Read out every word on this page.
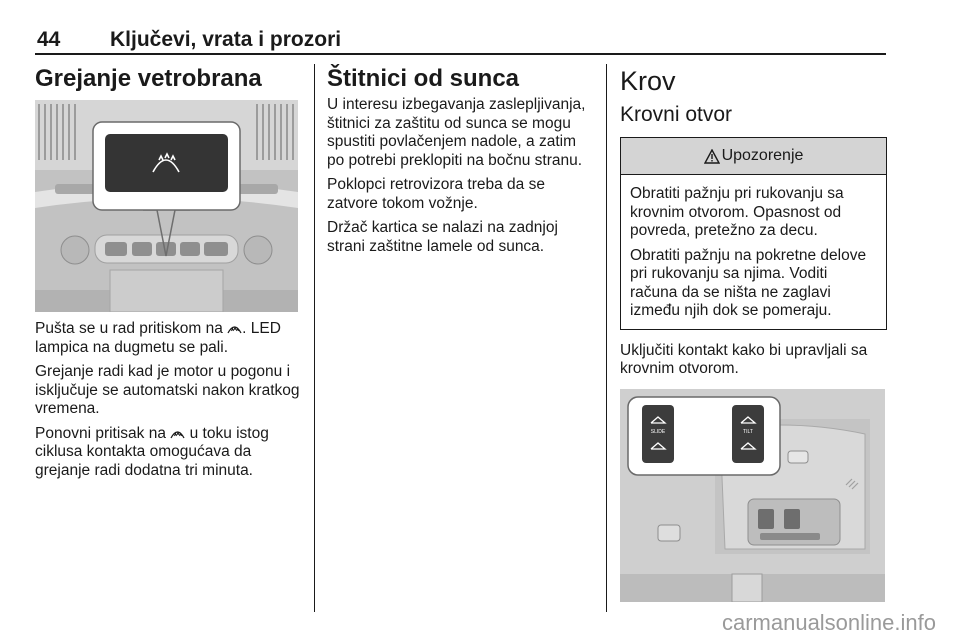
44 Ključevi, vrata i prozori
Grejanje vetrobrana

Pušta se u rad pritiskom na . LED lampica na dugmetu se pali.

Grejanje radi kad je motor u pogonu i isključuje se automatski nakon kratkog vremena.

Ponovni pritisak na  u toku istog ciklusa kontakta omogućava da grejanje radi dodatna tri minuta.

Štitnici od sunca

U interesu izbegavanja zaslepljivanja, štitnici za zaštitu od sunca se mogu spustiti povlačenjem nadole, a zatim po potrebi preklopiti na bočnu stranu.

Poklopci retrovizora treba da se zatvore tokom vožnje.

Držač kartica se nalazi na zadnjoj strani zaštitne lamele od sunca.

Krov
Krovni otvor
Upozorenje

Obratiti pažnju pri rukovanju sa krovnim otvorom. Opasnost od povreda, pretežno za decu.

Obratiti pažnju na pokretne delove pri rukovanju sa njima. Voditi računa da se ništa ne zaglavi između njih dok se pomeraju.

Uključiti kontakt kako bi upravljali sa krovnim otvorom.

SLIDE	TILT
carmanualsonline.info
